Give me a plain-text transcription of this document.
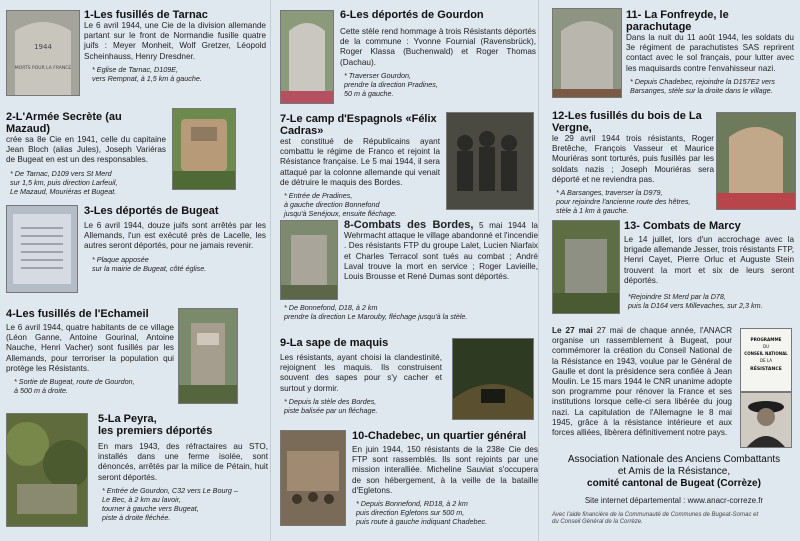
1944
MORTS POUR LA FRANCE
1-Les fusillés de Tarnac
Le 6 avril 1944, une Cie de la division allemande partant sur le front de Normandie fusille quatre juifs : Meyer Monheit, Wolf Gretzer, Léopold Scheinhauss, Henry Dresdner.
* Eglise de Tarnac, D109E,
vers Rempnat, à 1,5 km à gauche.
2-L'Armée Secrète (au Mazaud)
crée sa 8e Cie en 1941, celle du capitaine Jean Bloch (alias Jules), Joseph Variéras de Bugeat en est un des responsables.
* De Tarnac, D109 vers St Merd
sur 1,5 km, puis direction Larfeuil,
Le Mazaud, Mouriéras et Bugeat.
3-Les déportés de Bugeat
Le 6 avril 1944, douze juifs sont arrêtés par les Allemands, l'un est exécuté près de Lacelle, les autres seront déportés, pour ne jamais revenir.
* Plaque apposée
sur la mairie de Bugeat, côté église.
4-Les fusillés de l'Echameil
Le 6 avril 1944, quatre habitants de ce village (Léon Ganne, Antoine Gourinal, Antoine Nauche, Henri Vacher) sont fusillés par les Allemands, pour terroriser la population qui protège les Résistants.
* Sortie de Bugeat, route de Gourdon,
à 500 m à droite.
5-La Peyra,
les premiers déportés
En mars 1943, des réfractaires au STO, installés dans une ferme isolée, sont dénoncés, arrêtés par la milice de Pétain, huit seront déportés.
* Entrée de Gourdon, C32 vers Le Bourg –
Le Bec, à 2 km au lavoir,
tourner à gauche vers Bugeat,
piste à droite fléchée.
6-Les déportés de Gourdon
Cette stèle rend hommage à trois Résistants déportés de la commune : Yvonne Fournial (Ravensbrück), Roger Klassa (Buchenwald) et Roger Thomas (Dachau).
* Traverser Gourdon,
prendre la direction Pradines,
50 m à gauche.
7-Le camp d'Espagnols «Félix Cadras»
est constitué de Républicains ayant combattu le régime de Franco et rejoint la Résistance française. Le 5 mai 1944, il sera attaqué par la colonne allemande qui venait de détruire le maquis des Bordes.
* Entrée de Pradines,
à gauche direction Bonnefond
jusqu'à Senéjoux, ensuite fléchage.
8-Combats des Bordes, 5 mai 1944 la Wehrmacht attaque le village abandonné et l'incendie . Des résistants FTP du groupe Lalet, Lucien Niarfaix et Charles Terracol sont tués au combat ; André Laval trouve la mort en service ; Roger Lavieille, Louis Brousse et René Dumas sont déportés.
* De Bonnefond, D18, à 2 km
prendre la direction Le Marouby, fléchage jusqu'à la stèle.
9-La sape de maquis
Les résistants, ayant choisi la clandestinité, rejoignent les maquis. Ils construisent souvent des sapes pour s'y cacher et surtout y dormir.
* Depuis la stèle des Bordes,
piste balisée par un fléchage.
10-Chadebec, un quartier général
En juin 1944, 150 résistants de la 238e Cie des FTP sont rassemblés. Ils sont rejoints par une mission interalliée. Micheline Sauviat s'occupera de son hébergement, à la veille de la bataille d'Egletons.
* Depuis Bonnefond, RD18, à 2 km
puis direction Egletons sur 500 m,
puis route à gauche indiquant Chadebec.
11- La Fonfreyde, le parachutage
Dans la nuit du 11 août 1944, les soldats du 3e régiment de parachutistes SAS reprirent contact avec le sol français, pour lutter avec les maquisards contre l'envahisseur nazi.
* Depuis Chadebec, rejoindre la D157E2 vers
Barsanges, stèle sur la droite dans le village.
12-Les fusillés du bois de La Vergne,
le 29 avril 1944 trois résistants, Roger Bretêche, François Vasseur et Maurice Mouriéras sont torturés, puis fusillés par les soldats nazis ; Joseph Mouriéras sera déporté et ne reviendra pas.
* A Barsanges, traverser la D979,
pour rejoindre l'ancienne route des hêtres,
stèle à 1 km à gauche.
13- Combats de Marcy
Le 14 juillet, lors d'un accrochage avec la brigade allemande Jesser, trois résistants FTP, Henri Cayet, Pierre Orluc et Auguste Stein trouvent la mort et six de leurs seront déportés.
*Rejoindre St Merd par la D78,
puis la D164 vers Millevaches, sur 2,3 km.
Le 27 mai 27 mai de chaque année, l'ANACR organise un rassemblement à Bugeat, pour commémorer la création du Conseil National de la Résistance en 1943, voulue par le Général de Gaulle et dont la présidence sera confiée à Jean Moulin. Le 15 mars 1944 le CNR unanime adopte son programme pour rénover la France et ses institutions lorsque celle-ci sera libérée du joug nazi. La capitulation de l'Allemagne le 8 mai 1945, grâce à la résistance intérieure et aux forces alliées, libèrera définitivement notre pays.
PROGRAMME
DU
CONSEIL NATIONAL
DE LA
RÉSISTANCE
Association Nationale des Anciens Combattants
et Amis de la Résistance,
comité cantonal de Bugeat (Corrèze)
Site internet départemental : www.anacr-correze.fr
Avec l'aide financière de la Communauté de Communes de Bugeat-Sornac et
du Conseil Général de la Corrèze.
